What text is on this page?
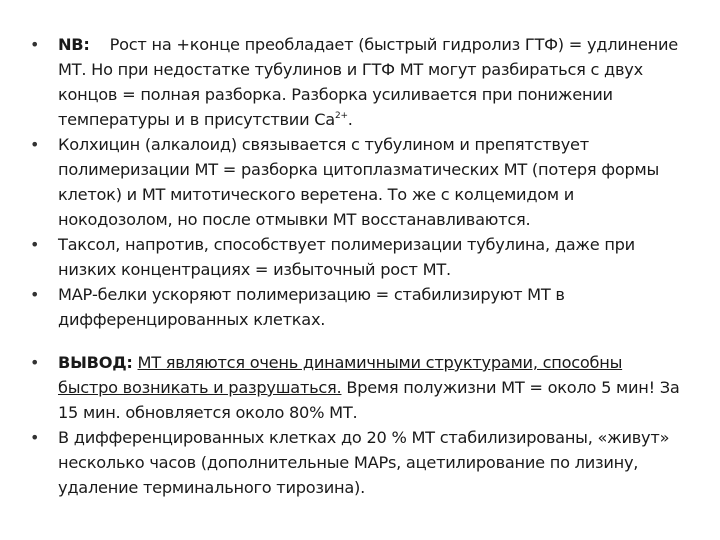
• NB: Рост на +конце преобладает (быстрый гидролиз ГТФ) = удлинение МТ. Но при недостатке тубулинов и ГТФ МТ могут разбираться с двух концов = полная разборка. Разборка усиливается при понижении температуры и в присутствии $Са^{2+}$.

• Колхицин (алкалоид) связывается с тубулином и препятствует полимеризации МТ = разборка цитоплазматических МТ (потеря формы клеток) и МТ митотического веретена. То же с колцемидом и нокодозолом, но после отмывки МТ восстанавливаются.

• Таксол, напротив, способствует полимеризации тубулина, даже при низких концентрациях = избыточный рост МТ.

• МАР-белки ускоряют полимеризацию = стабилизируют МТ в дифференцированных клетках.

• ВЫВОД: МТ являются очень динамичными структурами, способны быстро возникать и разрушаться. Время полужизни МТ = около 5 мин! За 15 мин. обновляется около 80% МТ.

• В дифференцированных клетках до 20 % МТ стабилизированы, «живут» несколько часов (дополнительные МАРs, ацетилирование по лизину, удаление терминального тирозина).
